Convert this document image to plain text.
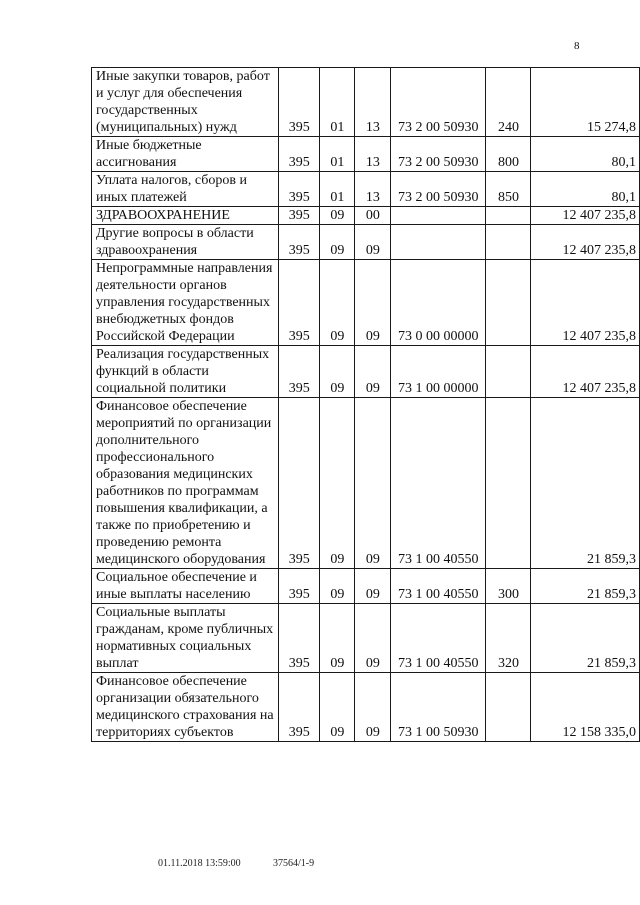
8
Иные закупки товаров, работ и услуг для обеспечения государственных (муниципальных) нужд	395	01	13	73 2 00 50930	240	15 274,8
Иные бюджетные ассигнования	395	01	13	73 2 00 50930	800	80,1
Уплата налогов, сборов и иных платежей	395	01	13	73 2 00 50930	850	80,1
ЗДРАВООХРАНЕНИЕ	395	09	00			12 407 235,8
Другие вопросы в области здравоохранения	395	09	09			12 407 235,8
Непрограммные направления деятельности органов управления государственных внебюджетных фондов Российской Федерации	395	09	09	73 0 00 00000		12 407 235,8
Реализация государственных функций в области социальной политики	395	09	09	73 1 00 00000		12 407 235,8
Финансовое обеспечение мероприятий по организации дополнительного профессионального образования медицинских работников по программам повышения квалификации, а также по приобретению и проведению ремонта медицинского оборудования	395	09	09	73 1 00 40550		21 859,3
Социальное обеспечение и иные выплаты населению	395	09	09	73 1 00 40550	300	21 859,3
Социальные выплаты гражданам, кроме публичных нормативных социальных выплат	395	09	09	73 1 00 40550	320	21 859,3
Финансовое обеспечение организации обязательного медицинского страхования на территориях субъектов	395	09	09	73 1 00 50930		12 158 335,0
01.11.2018 13:59:00	37564/1-9
